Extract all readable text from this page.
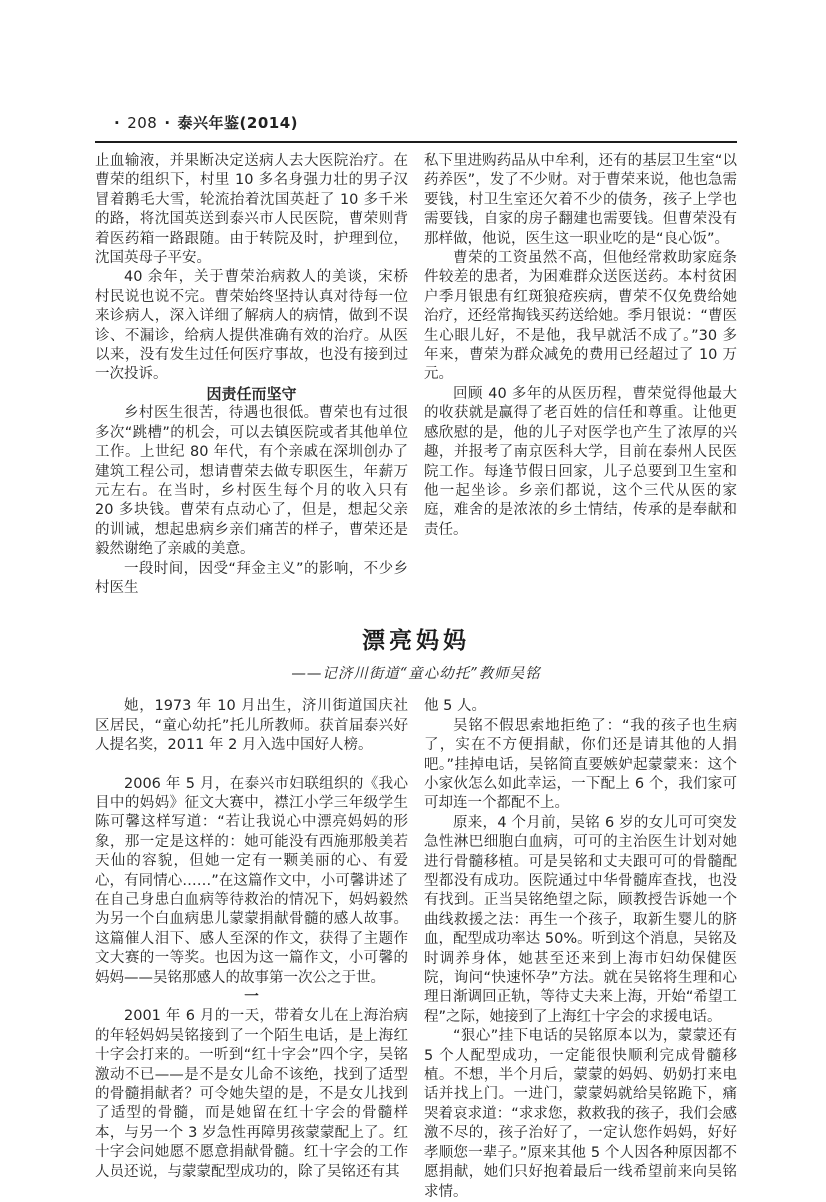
· 208 · 泰兴年鉴(2014)

止血输液，并果断决定送病人去大医院治疗。在曹荣的组织下，村里 10 多名身强力壮的男子汉冒着鹅毛大雪，轮流抬着沈国英赶了 10 多千米的路，将沈国英送到泰兴市人民医院，曹荣则背着医药箱一路跟随。由于转院及时，护理到位，沈国英母子平安。

40 余年，关于曹荣治病救人的美谈，宋桥村民说也说不完。曹荣始终坚持认真对待每一位来诊病人，深入详细了解病人的病情，做到不误诊、不漏诊，给病人提供准确有效的治疗。从医以来，没有发生过任何医疗事故，也没有接到过一次投诉。

因责任而坚守

乡村医生很苦，待遇也很低。曹荣也有过很多次“跳槽”的机会，可以去镇医院或者其他单位工作。上世纪 80 年代，有个亲戚在深圳创办了建筑工程公司，想请曹荣去做专职医生，年薪万元左右。在当时，乡村医生每个月的收入只有 20 多块钱。曹荣有点动心了，但是，想起父亲的训诫，想起患病乡亲们痛苦的样子，曹荣还是毅然谢绝了亲戚的美意。

一段时间，因受“拜金主义”的影响，不少乡村医生

私下里进购药品从中牟利，还有的基层卫生室“以药养医”，发了不少财。对于曹荣来说，他也急需要钱，村卫生室还欠着不少的债务，孩子上学也需要钱，自家的房子翻建也需要钱。但曹荣没有那样做，他说，医生这一职业吃的是“良心饭”。

曹荣的工资虽然不高，但他经常救助家庭条件较差的患者，为困难群众送医送药。本村贫困户季月银患有红斑狼疮疾病，曹荣不仅免费给她治疗，还经常掏钱买药送给她。季月银说：“曹医生心眼儿好，不是他，我早就活不成了。”30 多年来，曹荣为群众减免的费用已经超过了 10 万元。

回顾 40 多年的从医历程，曹荣觉得他最大的收获就是赢得了老百姓的信任和尊重。让他更感欣慰的是，他的儿子对医学也产生了浓厚的兴趣，并报考了南京医科大学，目前在泰州人民医院工作。每逢节假日回家，儿子总要到卫生室和他一起坐诊。乡亲们都说，这个三代从医的家庭，难舍的是浓浓的乡土情结，传承的是奉献和责任。

漂亮妈妈

——记济川街道“童心幼托”教师吴铭

她，1973 年 10 月出生，济川街道国庆社区居民，“童心幼托”托儿所教师。获首届泰兴好人提名奖，2011 年 2 月入选中国好人榜。

2006 年 5 月，在泰兴市妇联组织的《我心目中的妈妈》征文大赛中，襟江小学三年级学生陈可馨这样写道：“若让我说心中漂亮妈妈的形象，那一定是这样的：她可能没有西施那般美若天仙的容貌，但她一定有一颗美丽的心、有爱心，有同情心……”在这篇作文中，小可馨讲述了在自己身患白血病等待救治的情况下，妈妈毅然为另一个白血病患儿蒙蒙捐献骨髓的感人故事。这篇催人泪下、感人至深的作文，获得了主题作文大赛的一等奖。也因为这一篇作文，小可馨的妈妈——吴铭那感人的故事第一次公之于世。

一

2001 年 6 月的一天，带着女儿在上海治病的年轻妈妈吴铭接到了一个陌生电话，是上海红十字会打来的。一听到“红十字会”四个字，吴铭激动不已——是不是女儿命不该绝，找到了适型的骨髓捐献者？可令她失望的是，不是女儿找到了适型的骨髓，而是她留在红十字会的骨髓样本，与另一个 3 岁急性再障男孩蒙蒙配上了。红十字会问她愿不愿意捐献骨髓。红十字会的工作人员还说，与蒙蒙配型成功的，除了吴铭还有其

他 5 人。

吴铭不假思索地拒绝了：“我的孩子也生病了，实在不方便捐献，你们还是请其他的人捐吧。”挂掉电话，吴铭简直要嫉妒起蒙蒙来：这个小家伙怎么如此幸运，一下配上 6 个，我们家可可却连一个都配不上。

原来，4 个月前，吴铭 6 岁的女儿可可突发急性淋巴细胞白血病，可可的主治医生计划对她进行骨髓移植。可是吴铭和丈夫跟可可的骨髓配型都没有成功。医院通过中华骨髓库查找，也没有找到。正当吴铭绝望之际，顾教授告诉她一个曲线救援之法：再生一个孩子，取新生婴儿的脐血，配型成功率达 50%。听到这个消息，吴铭及时调养身体，她甚至还来到上海市妇幼保健医院，询问“快速怀孕”方法。就在吴铭将生理和心理日渐调回正轨，等待丈夫来上海，开始“希望工程”之际，她接到了上海红十字会的求援电话。

“狠心”挂下电话的吴铭原本以为，蒙蒙还有 5 个人配型成功，一定能很快顺利完成骨髓移植。不想，半个月后，蒙蒙的妈妈、奶奶打来电话并找上门。一进门，蒙蒙妈就给吴铭跪下，痛哭着哀求道：“求求您，救救我的孩子，我们会感激不尽的，孩子治好了，一定认您作妈妈，好好孝顺您一辈子。”原来其他 5 个人因各种原因都不愿捐献，她们只好抱着最后一线希望前来向吴铭求情。
